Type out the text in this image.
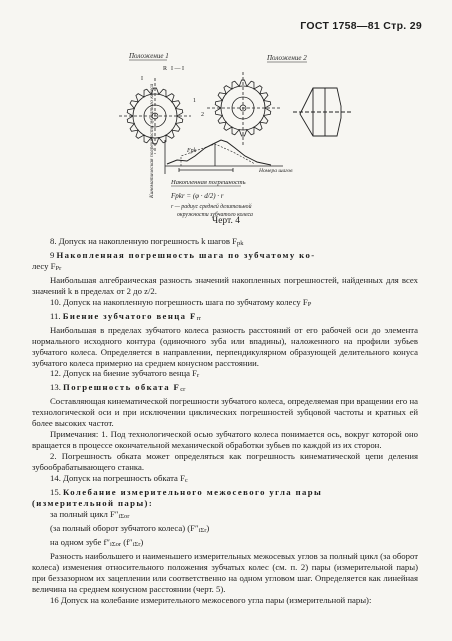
ГОСТ 1758—81 Стр. 29
Положение 1	Положение 2
R I — I
I
1
2
Fpk
Номера шагов
Кинематическая погрешность зубчатого колеса Накопленная погрешность
Fpkr = (φ · d/2) · r
r — радиус средней делительной
окружности зубчатого колеса
Черт. 4

8. Допуск на накопленную погрешность k шагов Fpk

9 Накопленная погрешность шага по зубчатому ко-

лесу FPr

Наибольшая алгебраическая разность значений накопленных погрешностей, найденных для всех значений k в пределах от 2 до z/2.

10. Допуск на накопленную погрешность шага по зубчатому колесу FP

11. Биение зубчатого венца Frr

Наибольшая в пределах зубчатого колеса разность расстояний от его рабочей оси до элемента нормального исходного контура (одиночного зуба или впадины), наложенного на профили зубьев зубчатого колеса. Определяется в направлении, перпендикулярном образующей делительного конуса зубчатого колеса примерно на среднем конусном расстоянии.

12. Допуск на биение зубчатого венца Fr

13. Погрешность обката Fcr

Составляющая кинематической погрешности зубчатого колеса, определяемая при вращении его на технологической оси и при исключении циклических погрешностей зубцовой частоты и кратных ей более высоких частот.

Примечания: 1. Под технологической осью зубчатого колеса понимается ось, вокруг которой оно вращается в процессе окончательной механической обработки зубьев по каждой из их сторон.

2. Погрешность обката может определяться как погрешность кинематической цепи деления зубообрабатывающего станка.

14. Допуск на погрешность обката Fc

15. Колебание измерительного межосевого угла пары

(измерительной пары):

за полный цикл F″iΣor

(за полный оборот зубчатого колеса) (F″iΣr)

на одном зубе f″iΣor (f″iΣr)

Разность наибольшего и наименьшего измерительных межосевых углов за полный цикл (за оборот колеса) изменения относительного положения зубчатых колес (см. п. 2) пары (измерительной пары) при беззазорном их зацеплении или соответственно на одном угловом шаг. Определяется как линейная величина на среднем конусном расстоянии (черт. 5).

16 Допуск на колебание измерительного межосевого угла пары (измерительной пары):
